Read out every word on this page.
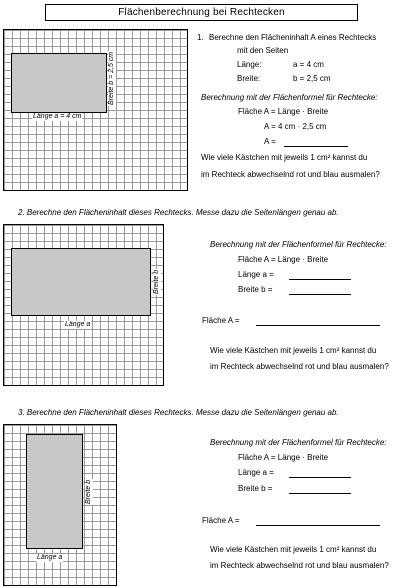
Flächenberechnung bei Rechtecken
Länge a = 4 cm
Breite b = 2,5 cm
1. Berechne den Flächeninhalt A eines Rechtecks
mit den Seiten
Länge:	a = 4 cm
Breite:	b = 2,5 cm
Berechnung mit der Flächenformel für Rechtecke:
Fläche A = Länge · Breite
A = 4 cm · 2,5 cm
A =
Wie viele Kästchen mit jeweils 1 cm² kannst du
im Rechteck abwechselnd rot und blau ausmalen?
2. Berechne den Flächeninhalt dieses Rechtecks. Messe dazu die Seitenlängen genau ab.
Länge a
Breite b
Berechnung mit der Flächenformel für Rechtecke:
Fläche A = Länge · Breite
Länge a =
Breite b =
Fläche A =
Wie viele Kästchen mit jeweils 1 cm² kannst du
im Rechteck abwechselnd rot und blau ausmalen?
3. Berechne den Flächeninhalt dieses Rechtecks. Messe dazu die Seitenlängen genau ab.
Länge a
Breite b
Berechnung mit der Flächenformel für Rechtecke:
Fläche A = Länge · Breite
Länge a =
Breite b =
Fläche A =
Wie viele Kästchen mit jeweils 1 cm² kannst du
im Rechteck abwechselnd rot und blau ausmalen?
